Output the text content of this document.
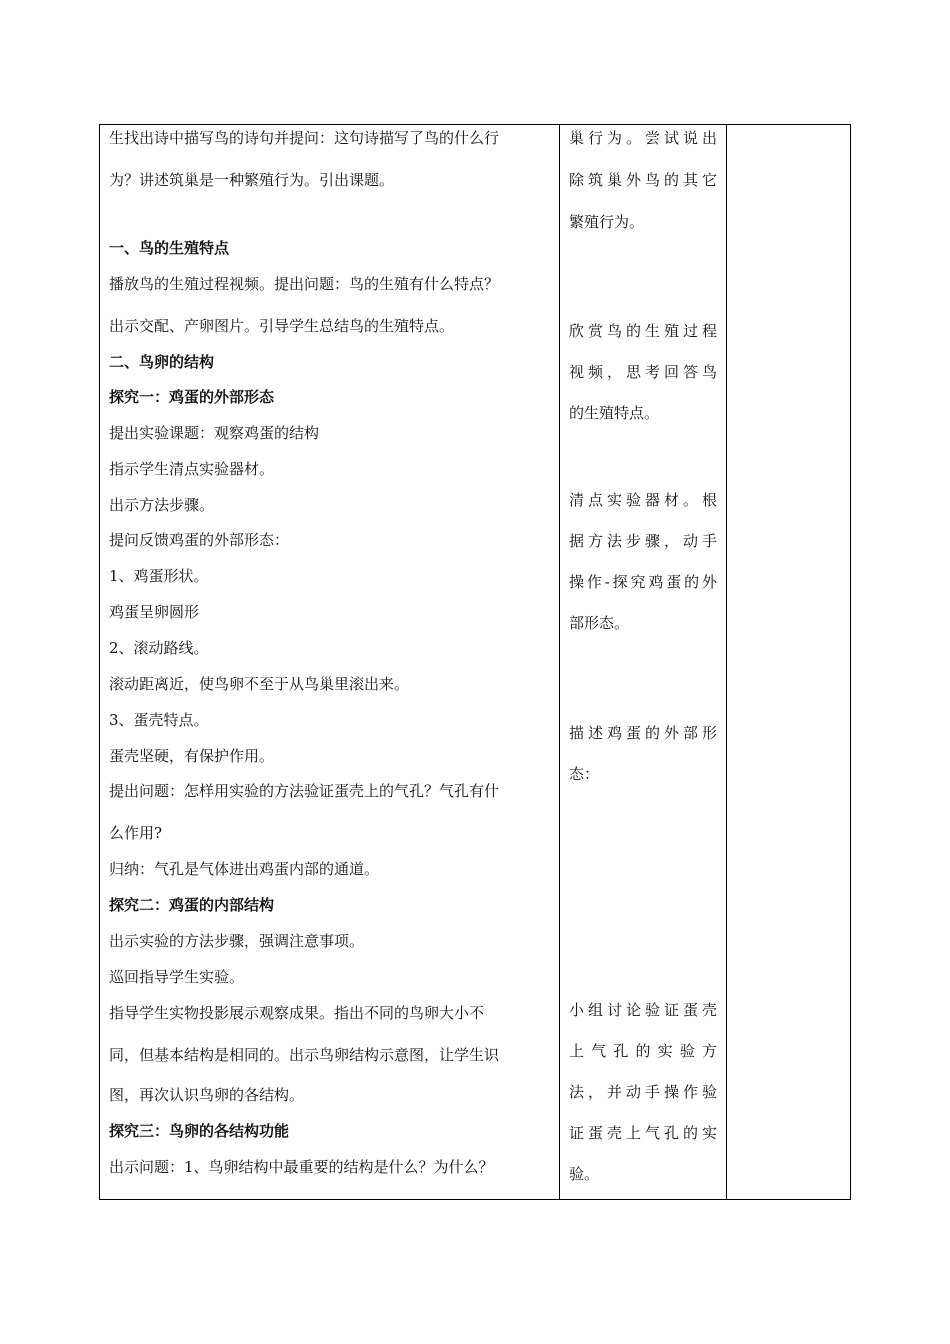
生找出诗中描写鸟的诗句并提问：这句诗描写了鸟的什么行
为？讲述筑巢是一种繁殖行为。引出课题。
一、鸟的生殖特点
播放鸟的生殖过程视频。提出问题：鸟的生殖有什么特点？
出示交配、产卵图片。引导学生总结鸟的生殖特点。
二、鸟卵的结构
探究一：鸡蛋的外部形态
提出实验课题：观察鸡蛋的结构
指示学生清点实验器材。
出示方法步骤。
提问反馈鸡蛋的外部形态：
1、鸡蛋形状。
鸡蛋呈卵圆形
2、滚动路线。
滚动距离近，使鸟卵不至于从鸟巢里滚出来。
3、蛋壳特点。
蛋壳坚硬，有保护作用。
提出问题：怎样用实验的方法验证蛋壳上的气孔？气孔有什
么作用?
归纳：气孔是气体进出鸡蛋内部的通道。
探究二：鸡蛋的内部结构
出示实验的方法步骤，强调注意事项。
巡回指导学生实验。
指导学生实物投影展示观察成果。指出不同的鸟卵大小不
同，但基本结构是相同的。出示鸟卵结构示意图，让学生识
图，再次认识鸟卵的各结构。
探究三：鸟卵的各结构功能
出示问题：1、鸟卵结构中最重要的结构是什么？为什么？
巢行为。尝试说出
除筑巢外鸟的其它
繁殖行为。
欣赏鸟的生殖过程
视频，思考回答鸟
的生殖特点。
清点实验器材。根
据方法步骤，动手
操作-探究鸡蛋的外
部形态。
描述鸡蛋的外部形
态：
小组讨论验证蛋壳
上气孔的实验方
法，并动手操作验
证蛋壳上气孔的实
验。
